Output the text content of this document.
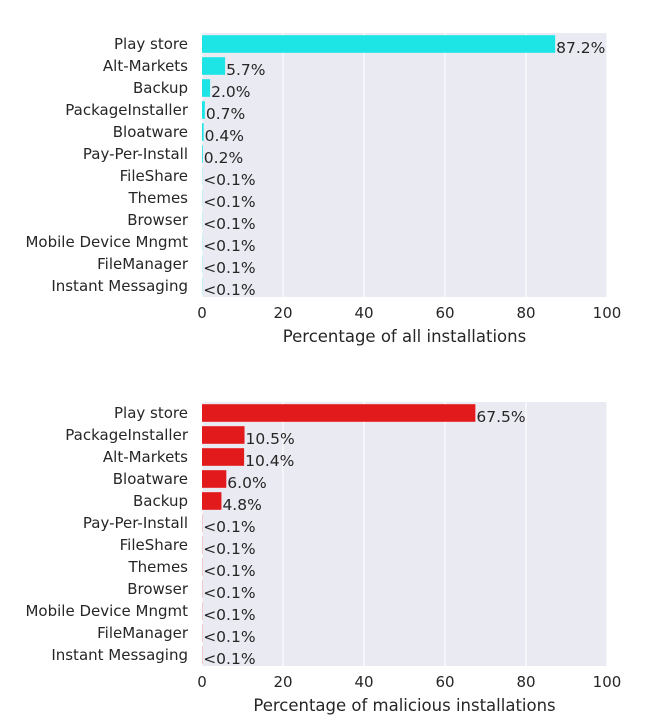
0	20	40	60	80	100
Play store	87.2%
Alt-Markets 5.7%
Backup 2.0%
PackageInstaller 0.7%
Bloatware 0.4%
Pay-Per-Install 0.2%
FileShare <0.1%
Themes <0.1%
Browser <0.1%
Mobile Device Mngmt <0.1%
FileManager <0.1%
Instant Messaging <0.1%
Percentage of all installations
0	20	40	60	80	100
Play store	67.5%
PackageInstaller	10.5%
Alt-Markets	10.4%
Bloatware	6.0%
Backup 4.8%
Pay-Per-Install <0.1%
FileShare <0.1%
Themes <0.1%
Browser <0.1%
Mobile Device Mngmt <0.1%
FileManager <0.1%
Instant Messaging <0.1%
Percentage of malicious installations
